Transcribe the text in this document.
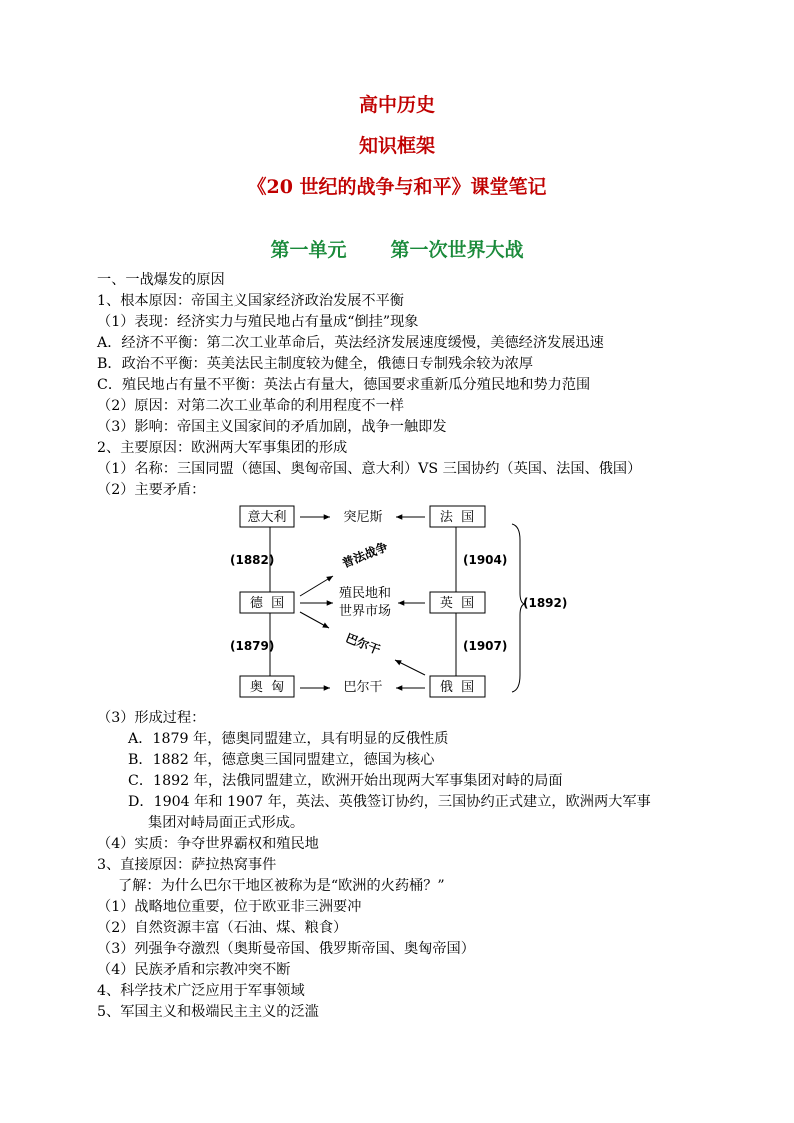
高中历史
知识框架
《20 世纪的战争与和平》课堂笔记
第一单元 第一次世界大战
一、一战爆发的原因
1、根本原因：帝国主义国家经济政治发展不平衡
（1）表现：经济实力与殖民地占有量成“倒挂”现象
A．经济不平衡：第二次工业革命后，英法经济发展速度缓慢，美德经济发展迅速
B．政治不平衡：英美法民主制度较为健全，俄德日专制残余较为浓厚
C．殖民地占有量不平衡：英法占有量大，德国要求重新瓜分殖民地和势力范围
（2）原因：对第二次工业革命的利用程度不一样
（3）影响：帝国主义国家间的矛盾加剧，战争一触即发
2、主要原因：欧洲两大军事集团的形成
（1）名称：三国同盟（德国、奥匈帝国、意大利）VS 三国协约（英国、法国、俄国）
（2）主要矛盾：
意大利	法  国
德  国	英  国
奥  匈	俄  国
突尼斯
普法战争
殖民地和
世界市场
巴尔干
巴尔干
(1882)
(1879)
(1904)
(1907)
(1892)
（3）形成过程：
A．1879 年，德奥同盟建立，具有明显的反俄性质
B．1882 年，德意奥三国同盟建立，德国为核心
C．1892 年，法俄同盟建立，欧洲开始出现两大军事集团对峙的局面
D．1904 年和 1907 年，英法、英俄签订协约，三国协约正式建立，欧洲两大军事
集团对峙局面正式形成。
（4）实质：争夺世界霸权和殖民地
3、直接原因：萨拉热窝事件
了解：为什么巴尔干地区被称为是“欧洲的火药桶？”
（1）战略地位重要，位于欧亚非三洲要冲
（2）自然资源丰富（石油、煤、粮食）
（3）列强争夺激烈（奥斯曼帝国、俄罗斯帝国、奥匈帝国）
（4）民族矛盾和宗教冲突不断
4、科学技术广泛应用于军事领域
5、军国主义和极端民主主义的泛滥
